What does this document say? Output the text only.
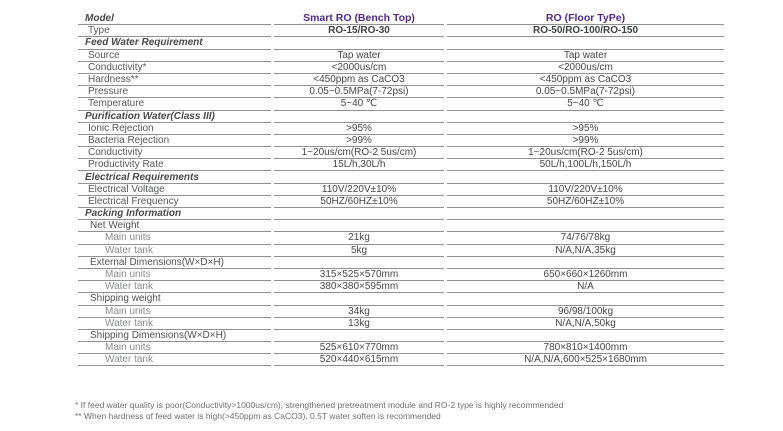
Model	Smart RO (Bench Top)	RO (Floor TyPe)
Type	RO-15/RO-30	RO-50/RO-100/RO-150
Feed Water Requirement		
Source	Tap water	Tap water
Conductivity*	<2000us/cm	<2000us/cm
Hardness**	<450ppm as CaCO3	<450ppm as CaCO3
Pressure	0.05~0.5MPa(7-72psi)	0.05~0.5MPa(7-72psi)
Temperature	5~40 ℃	5~40 ℃
Purification Water(Class III)		
Ionic Rejection	>95%	>95%
Bacteria Rejection	>99%	>99%
Conductivity	1~20us/cm(RO-2 5us/cm)	1~20us/cm(RO-2 5us/cm)
Productivity Rate	15L/h,30L/h	50L/h,100L/h,150L/h
Electrical Requirements		
Electrical Voltage	110V/220V±10%	110V/220V±10%
Electrical Frequency	50HZ/60HZ±10%	50HZ/60HZ±10%
Packing Information		
Net Weight		
Main units	21kg	74/76/78kg
Water tank	5kg	N/A,N/A,35kg
External Dimensions(W×D×H)		
Main units	315×525×570mm	650×660×1260mm
Water tank	380×380×595mm	N/A
Shipping weight		
Main units	34kg	96/98/100kg
Water tank	13kg	N/A,N/A,50kg
Shipping Dimensions(W×D×H)		
Main units	525×610×770mm	780×810×1400mm
Water tank	520×440×615mm	N/A,N/A,600×525×1680mm

* If feed water quality is poor(Conductivity>1000us/cm), strengthened pretreatment module and RO-2 type is highly recommended

** When hardness of feed water is high(>450ppm as CaCO3), 0.5T water soften is recommended
